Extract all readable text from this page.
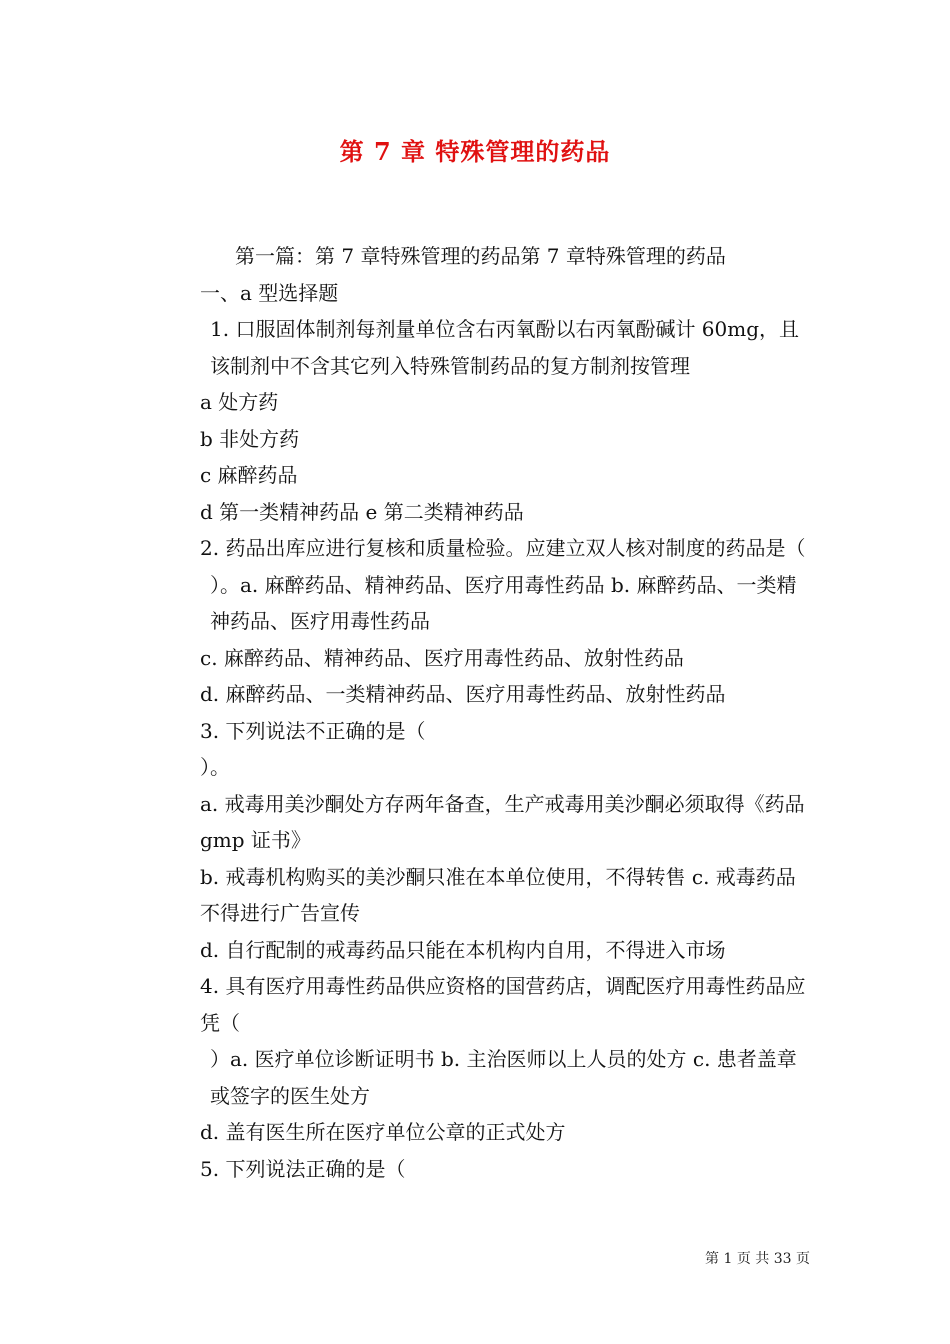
第 7 章 特殊管理的药品

第一篇：第 7 章特殊管理的药品第 7 章特殊管理的药品

一、a 型选择题

1. 口服固体制剂每剂量单位含右丙氧酚以右丙氧酚碱计 60mg，且该制剂中不含其它列入特殊管制药品的复方制剂按管理

a 处方药

b 非处方药

c 麻醉药品

d 第一类精神药品 e 第二类精神药品

2. 药品出库应进行复核和质量检验。应建立双人核对制度的药品是（

）。a. 麻醉药品、精神药品、医疗用毒性药品 b. 麻醉药品、一类精神药品、医疗用毒性药品

c. 麻醉药品、精神药品、医疗用毒性药品、放射性药品

d. 麻醉药品、一类精神药品、医疗用毒性药品、放射性药品

3. 下列说法不正确的是（

）。

a. 戒毒用美沙酮处方存两年备查，生产戒毒用美沙酮必须取得《药品 gmp 证书》

b. 戒毒机构购买的美沙酮只准在本单位使用，不得转售 c. 戒毒药品不得进行广告宣传

d. 自行配制的戒毒药品只能在本机构内自用，不得进入市场

4. 具有医疗用毒性药品供应资格的国营药店，调配医疗用毒性药品应凭（

）a. 医疗单位诊断证明书 b. 主治医师以上人员的处方 c. 患者盖章或签字的医生处方

d. 盖有医生所在医疗单位公章的正式处方

5. 下列说法正确的是（

第 1 页 共 33 页
